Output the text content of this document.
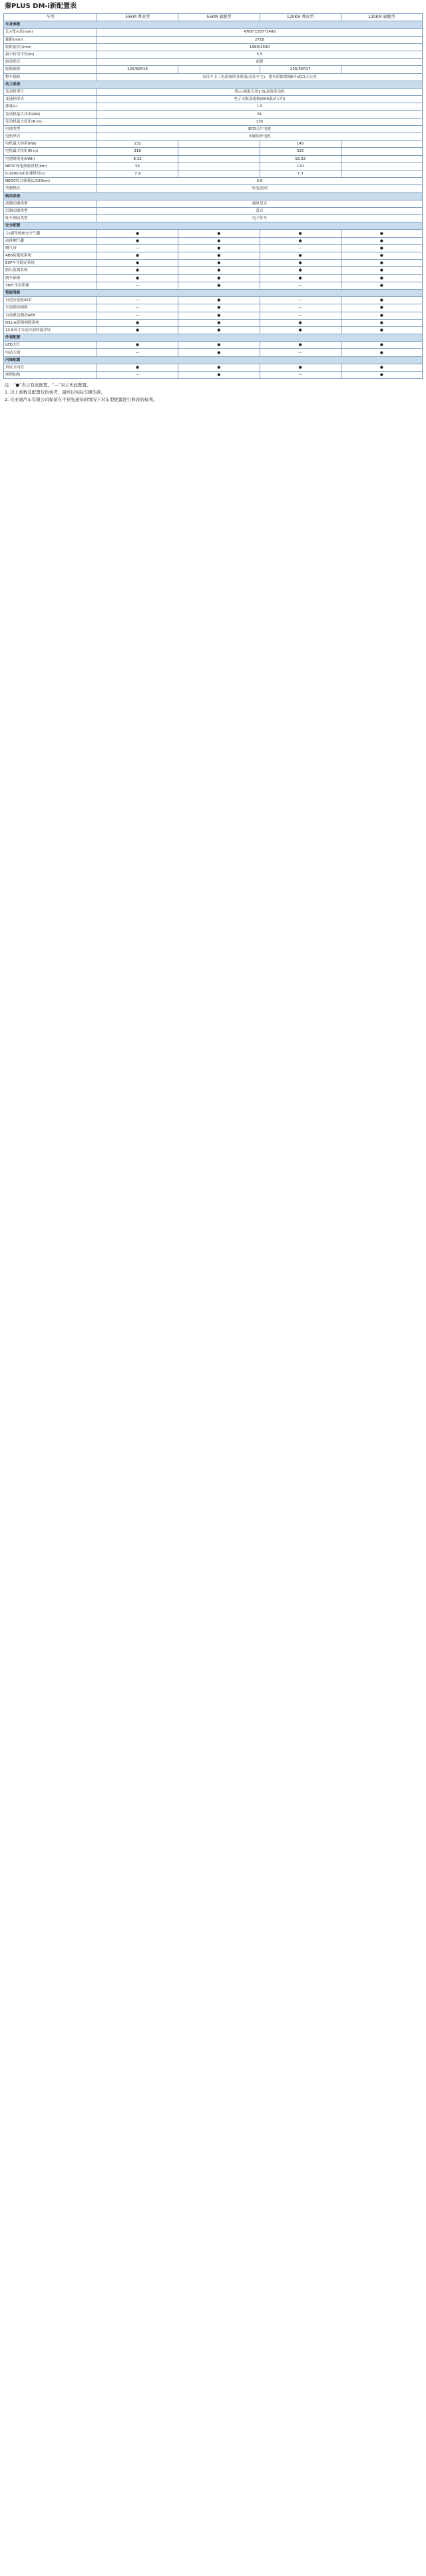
秦PLUS DM-i新配置表
车型	55KM 尊贵型	55KM 旗舰型	120KM 尊贵型	120KM 旗舰型
车身参数				
长×宽×高(mm)	4765*1837*1495			
轴距(mm)	2718			
轮距前/后(mm)	1580/1590			
最小转弯半径(m)	5.5			
驱动形式	前驱			
轮胎规格	225/60R16		235/55R17	
整车保修	首任车主三电系统终身质保(首任车主)，整车质保期限6年或15万公里			
动力系统				
发动机型号	骁云-插混专用1.5L高效发动机			
变速箱形式	电子无级变速箱(EHS混动专用)			
排量(L)	1.5			
发动机最大功率(kW)	81			
发动机最大扭矩(N·m)	135			
电池类型	BYD刀片电池			
电机形式	永磁同步电机			
电机最大功率(kW)	132		145	
电机最大扭矩(N·m)	316		325	
电池组能量(kWh)	8.32		18.32	
NEDC纯电续航里程(km)	55		120	
0-100km/h加速时间(s)	7.9		7.3	
NEDC综合油耗(L/100km)	3.8			
驾驶模式	纯电/混动			
制动系统				
前制动器类型	通风盘式			
后制动器类型	盘式			
驻车制动类型	电子驻车			
安全配置				
主/副驾驶座安全气囊	●	●	●	●
前排侧气囊	●	●	●	●
侧气帘	—	●	—	●
ABS防抱死系统	●	●	●	●
ESP车身稳定系统	●	●	●	●
胎压监测系统	●	●	●	●
倒车影像	●	●	●	●
360°全景影像	—	●	—	●
智能驾驶				
自适应巡航ACC	—	●	—	●
车道保持辅助	—	●	—	●
自动紧急制动AEB	—	●	—	●
DiLink智能网联系统	●	●	●	●
12.8英寸自适应旋转悬浮屏	●	●	●	●
外观配置				
LED大灯	●	●	●	●
电动天窗	—	●	—	●
内饰配置				
真皮方向盘	●	●	●	●
座椅加热	—	●	—	●
注：“●”表示有此配置，“—”表示无此配置。
1. 以上参数及配置仅供参考，最终以实际车辆为准。
2. 比亚迪汽车有限公司保留在不预先通知的情况下对车型配置进行修改的权利。
